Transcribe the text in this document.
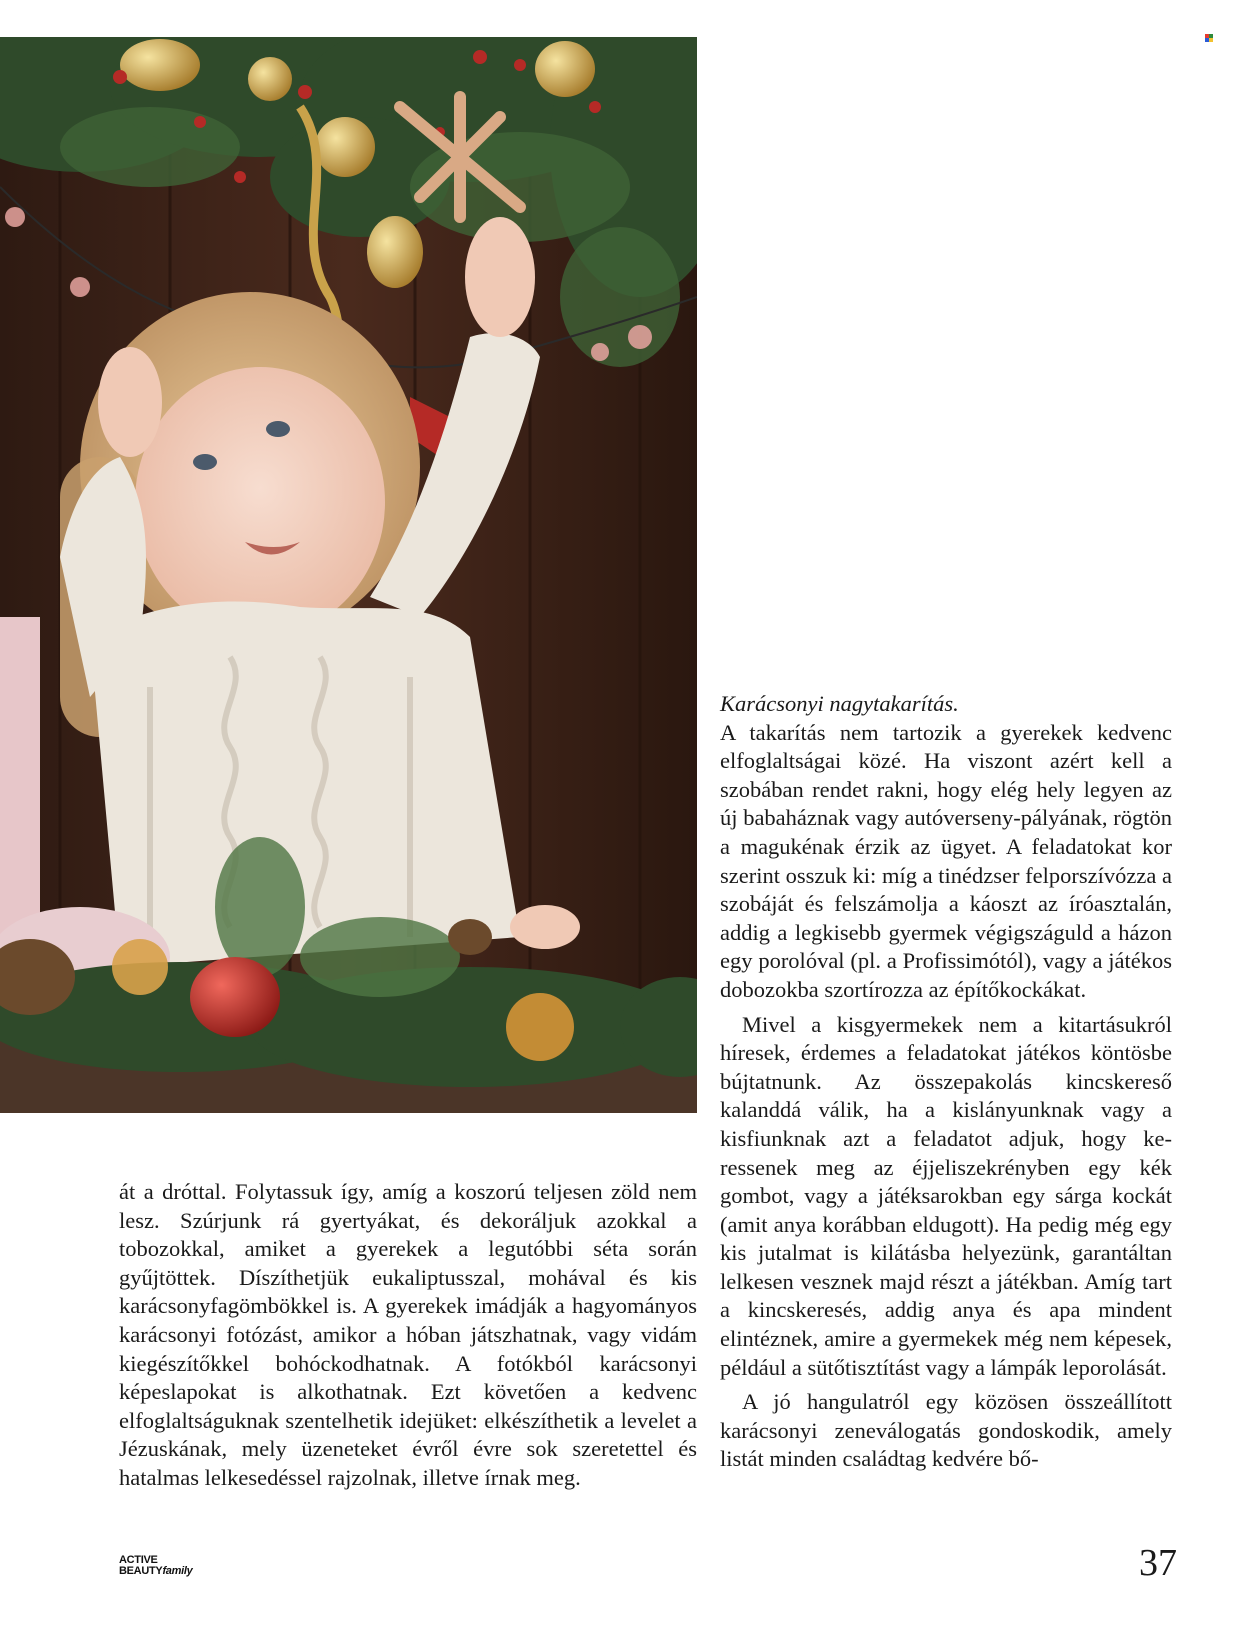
át a dróttal. Folytassuk így, amíg a koszorú teljesen zöld nem lesz. Szúrjunk rá gyertyákat, és dekoráljuk azokkal a tobozokkal, amiket a gyerekek a legutóbbi séta során gyűjtöttek. Díszíthetjük eukaliptusszal, mohával és kis karácsonyfagömbökkel is. A gyerekek imádják a hagyományos karácsonyi fotózást, amikor a hóban játszhatnak, vagy vidám kiegészítőkkel bohóckodhatnak. A fotókból karácsonyi képeslapokat is alkothatnak. Ezt követően a kedvenc elfoglaltságuknak szentelhetik idejüket: elkészíthetik a levelet a Jézuskának, mely üzeneteket évről évre sok szeretettel és hatalmas lelkesedéssel rajzolnak, illetve írnak meg.

Karácsonyi nagytakarítás.

A takarítás nem tartozik a gyerekek kedvenc elfoglaltságai közé. Ha viszont azért kell a szobában rendet rakni, hogy elég hely legyen az új babaháznak vagy autóverseny-pályának, rögtön a magukénak érzik az ügyet. A feladatokat kor szerint osszuk ki: míg a tinédzser felporszívózza a szobáját és felszámolja a káoszt az íróasztalán, addig a legkisebb gyermek végigszáguld a házon egy porolóval (pl. a Profissimótól), vagy a játékos dobozokba szortírozza az építőkockákat.

Mivel a kisgyermekek nem a kitartásukról híresek, érdemes a feladatokat játékos köntösbe bújtatnunk. Az összepakolás kincskereső kalanddá válik, ha a kislányunknak vagy a kisfiunknak azt a feladatot adjuk, hogy keressenek meg az éjjeliszekrényben egy kék gombot, vagy a játéksarokban egy sárga kockát (amit anya korábban eldugott). Ha pedig még egy kis jutalmat is kilátásba helyezünk, garantáltan lelkesen vesznek majd részt a játékban. Amíg tart a kincskeresés, addig anya és apa mindent elintéznek, amire a gyermekek még nem képesek, például a sütőtisztítást vagy a lámpák leporolását.

A jó hangulatról egy közösen összeállított karácsonyi zeneválogatás gondoskodik, amely listát minden családtag kedvére bő-

ACTIVE
BEAUTYfamily	37
